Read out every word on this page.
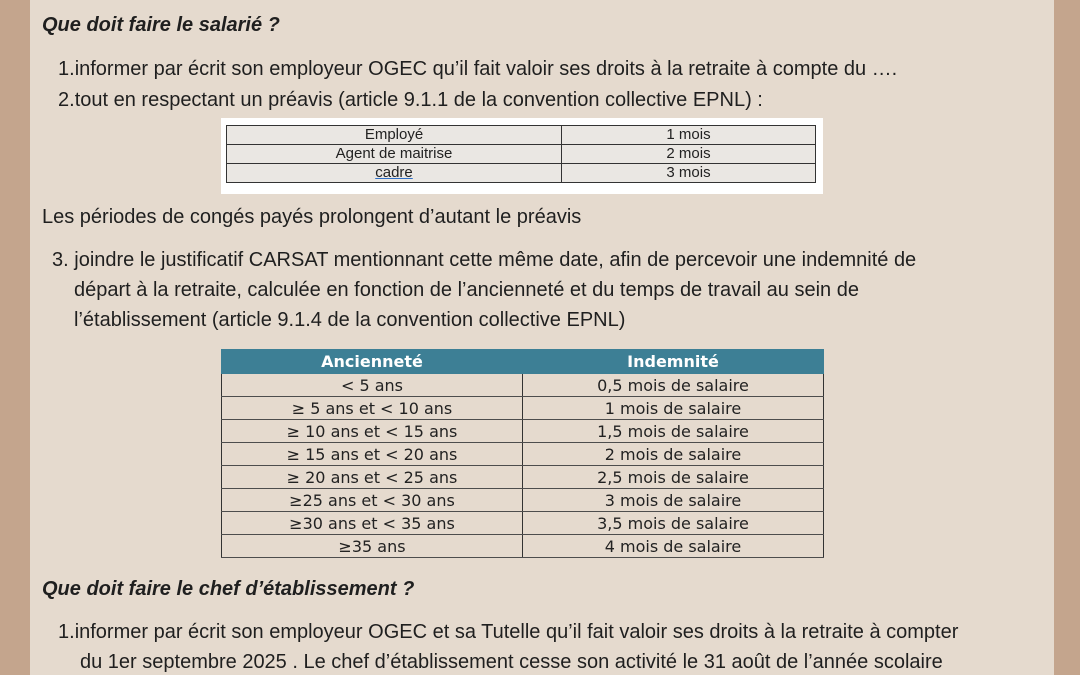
Que doit faire le salarié ?

1.informer par écrit son employeur OGEC qu’il fait valoir ses droits à la retraite à compte du ….

2.tout en respectant un préavis (article 9.1.1 de la convention collective EPNL) :

Employé	1 mois
Agent de maitrise	2 mois
cadre	3 mois

Les périodes de congés payés prolongent d’autant le préavis

3. joindre le justificatif CARSAT mentionnant cette même date, afin de percevoir une indemnité de

départ à la retraite, calculée en fonction de l’ancienneté et du temps de travail au sein de

l’établissement (article 9.1.4 de la convention collective EPNL)

Ancienneté	Indemnité
< 5 ans	0,5 mois de salaire
≥ 5 ans et < 10 ans	1 mois de salaire
≥ 10 ans et < 15 ans	1,5 mois de salaire
≥ 15 ans et < 20 ans	2 mois de salaire
≥ 20 ans et < 25 ans	2,5 mois de salaire
≥25 ans et < 30 ans	3 mois de salaire
≥30 ans et < 35 ans	3,5 mois de salaire
≥35 ans	4 mois de salaire
Que doit faire le chef d’établissement ?

1.informer par écrit son employeur OGEC et sa Tutelle qu’il fait valoir ses droits à la retraite à compter

du 1er septembre 2025 . Le chef d’établissement cesse son activité le 31 août de l’année scolaire
